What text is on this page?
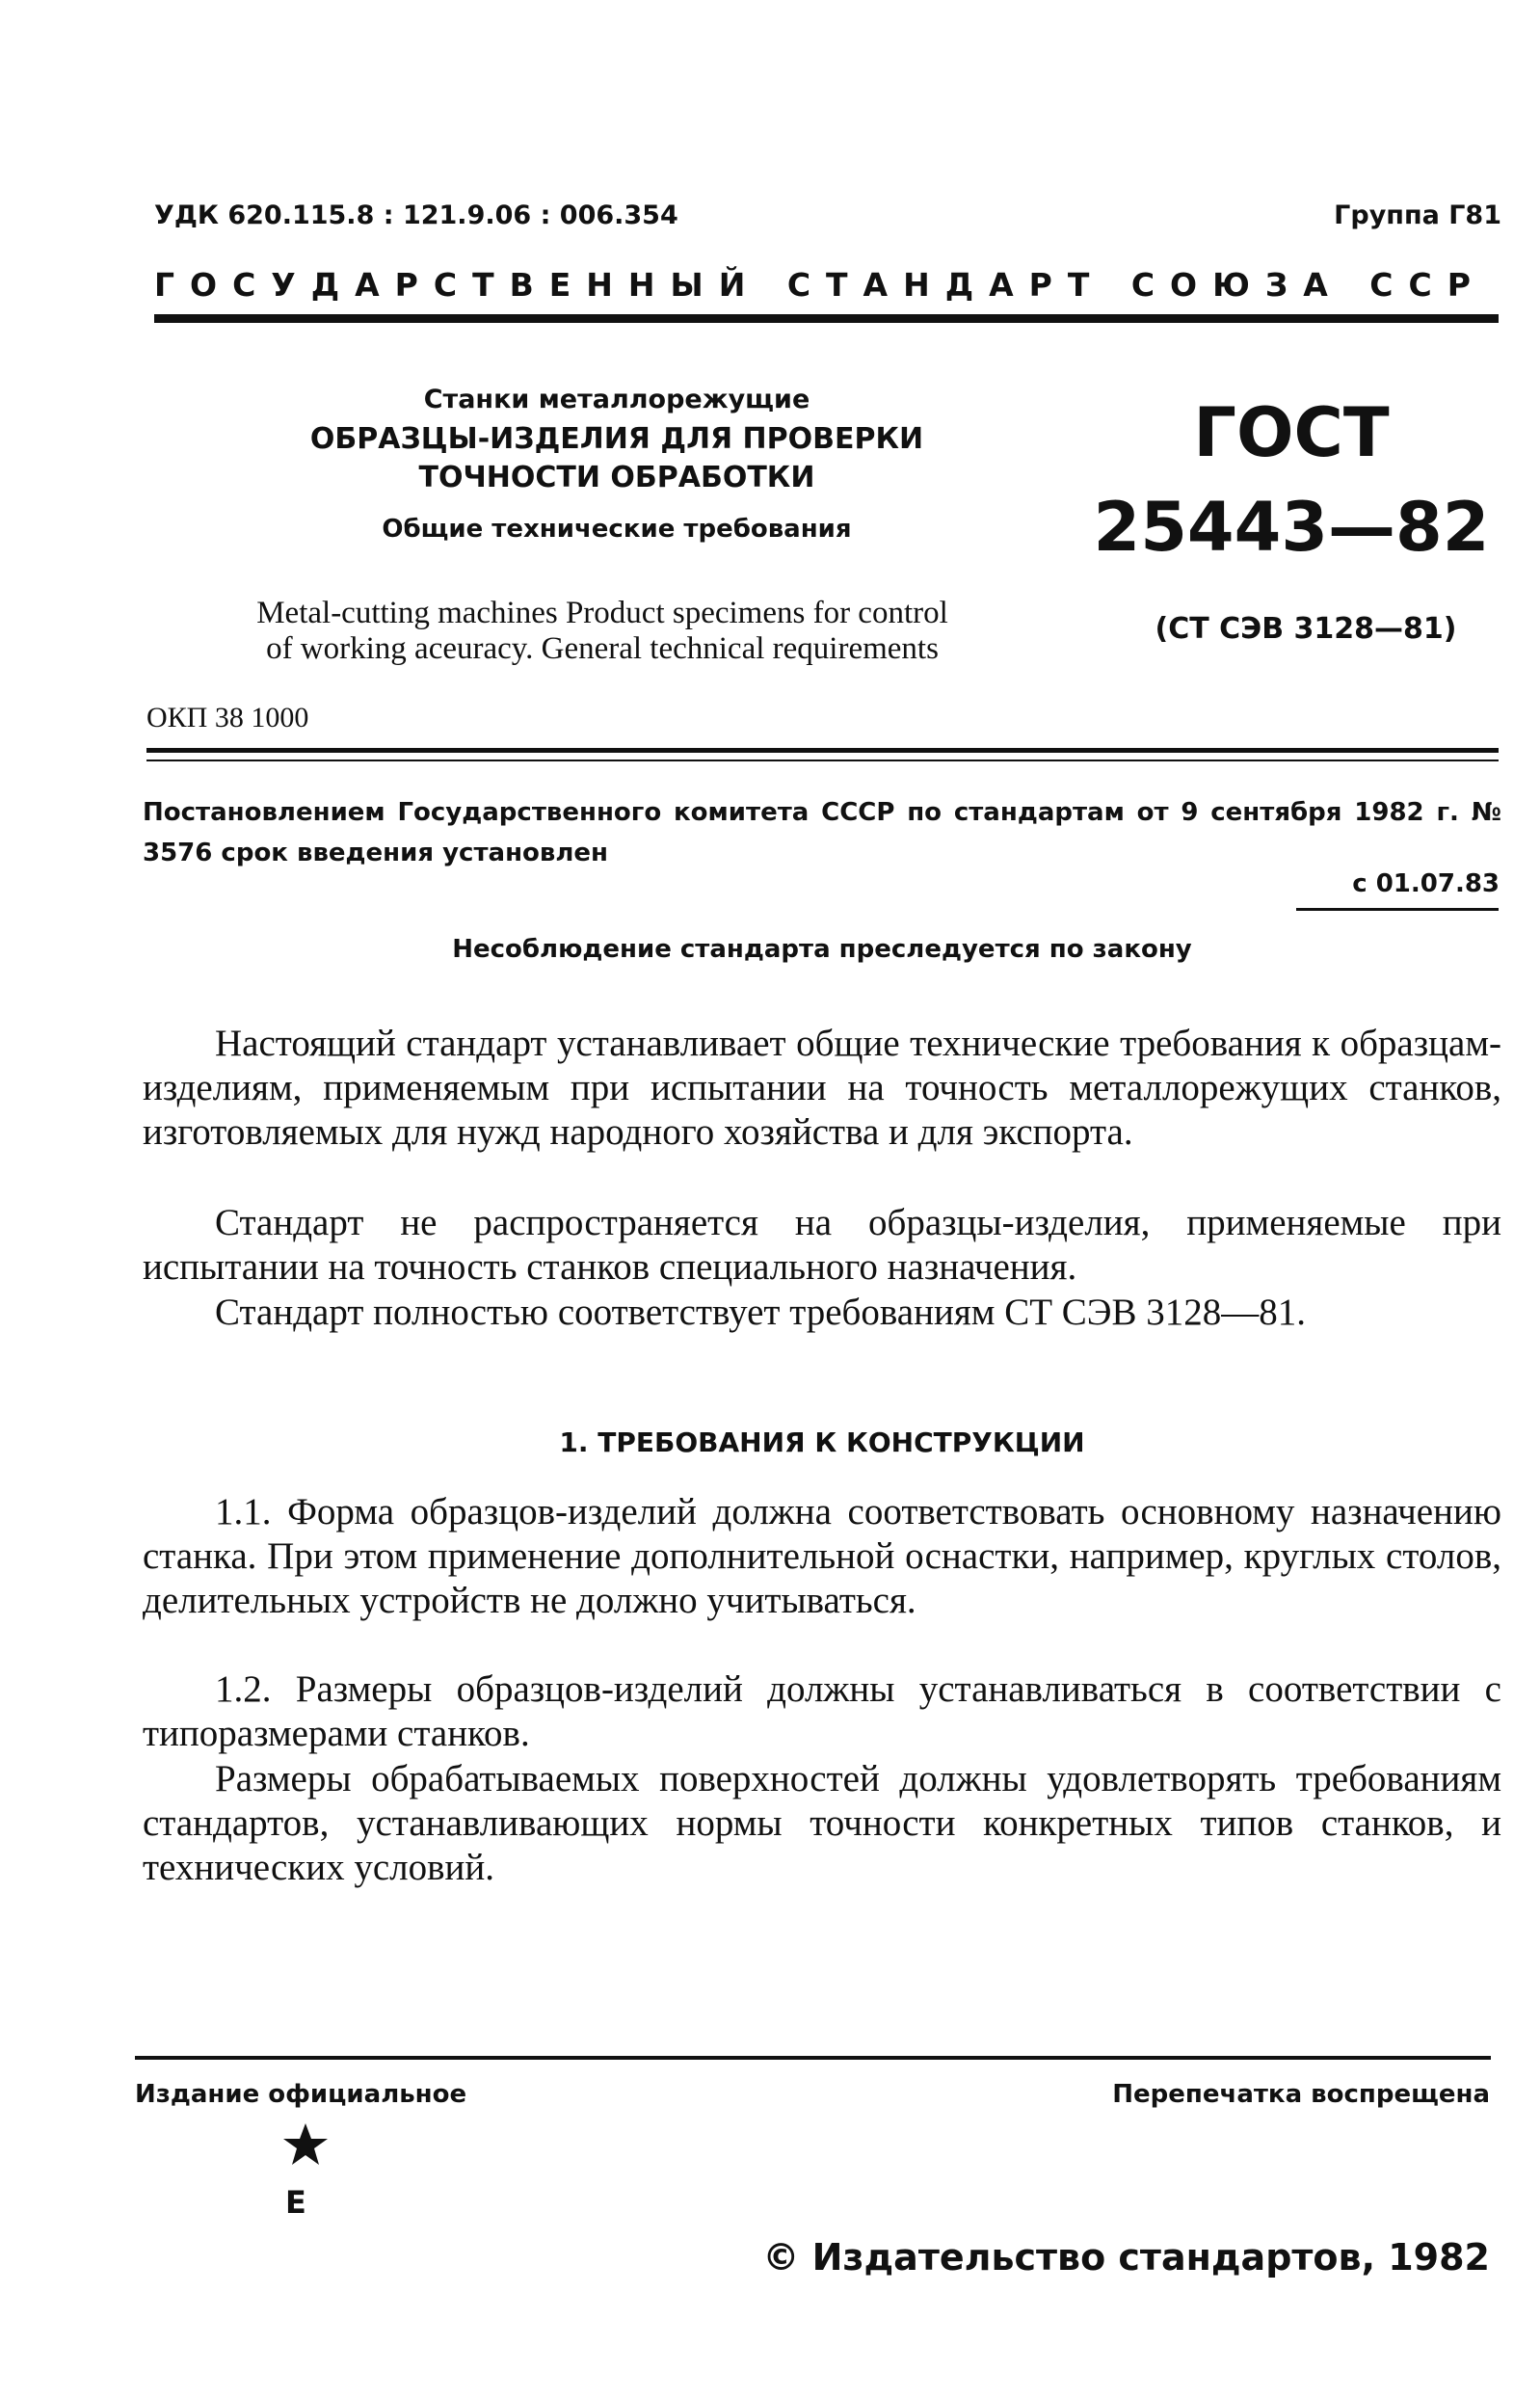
УДК 620.115.8 : 121.9.06 : 006.354	Группа Г81
ГОСУДАРСТВЕННЫЙ СТАНДАРТ СОЮЗА ССР
Станки металлорежущие
ОБРАЗЦЫ-ИЗДЕЛИЯ ДЛЯ ПРОВЕРКИ
ТОЧНОСТИ ОБРАБОТКИ
Общие технические требования
ГОСТ
25443—82
Metal-cutting machines Product specimens for control
of working aceuracy. General technical requirements
(СТ СЭВ 3128—81)
ОКП 38 1000
Постановлением Государственного комитета СССР по стандартам от 9 сентября 1982 г. № 3576 срок введения установлен
с 01.07.83
Несоблюдение стандарта преследуется по закону

Настоящий стандарт устанавливает общие технические требования к образцам-изделиям, применяемым при испытании на точность металлорежущих станков, изготовляемых для нужд народного хозяйства и для экспорта.

Стандарт не распространяется на образцы-изделия, применяемые при испытании на точность станков специального назначения.

Стандарт полностью соответствует требованиям СТ СЭВ 3128—81.

1. ТРЕБОВАНИЯ К КОНСТРУКЦИИ

1.1. Форма образцов-изделий должна соответствовать основному назначению станка. При этом применение дополнительной оснастки, например, круглых столов, делительных устройств не должно учитываться.

1.2. Размеры образцов-изделий должны устанавливаться в соответствии с типоразмерами станков.

Размеры обрабатываемых поверхностей должны удовлетворять требованиям стандартов, устанавливающих нормы точности конкретных типов станков, и технических условий.

Издание официальное	Перепечатка воспрещена
Е
© Издательство стандартов, 1982
